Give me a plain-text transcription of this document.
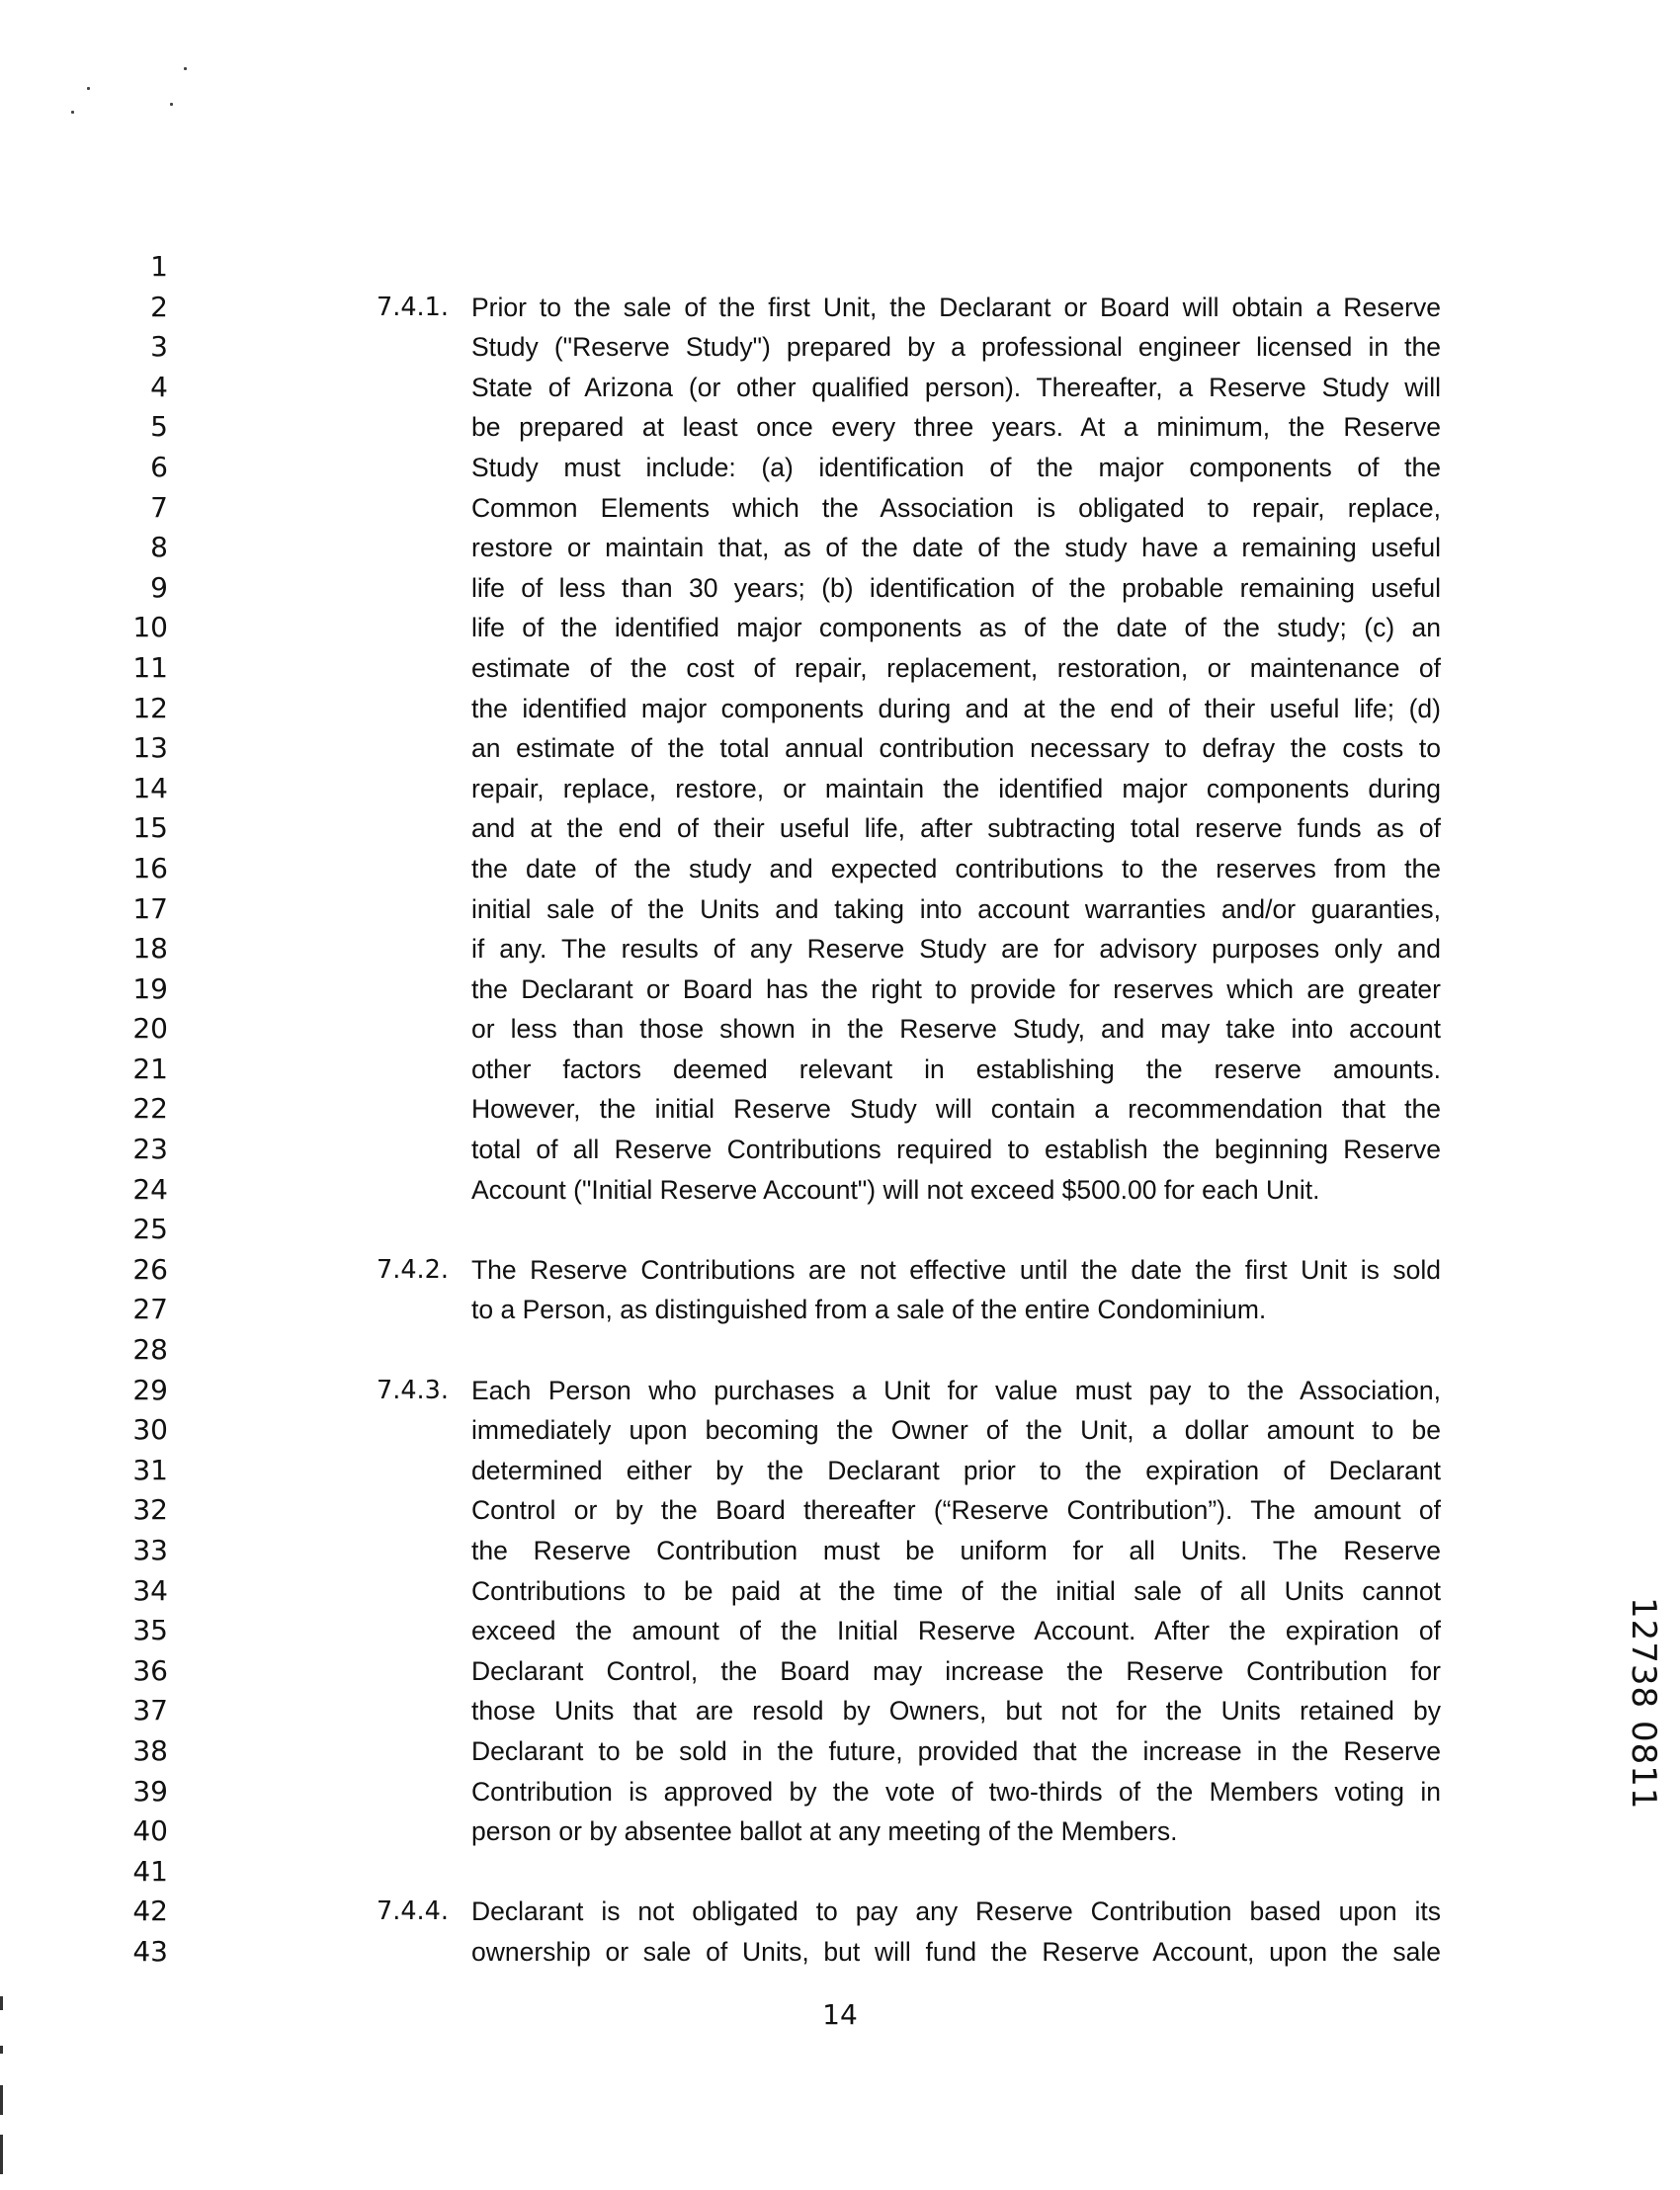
1
2
3
4
5
6
7
8
9
10
11
12
13
14
15
16
17
18
19
20
21
22
23
24
25
26
27
28
29
30
31
32
33
34
35
36
37
38
39
40
41
42
43
7.4.1. Prior to the sale of the first Unit, the Declarant or Board will obtain a Reserve
Study ("Reserve Study") prepared by a professional engineer licensed in the
State of Arizona (or other qualified person). Thereafter, a Reserve Study will
be prepared at least once every three years. At a minimum, the Reserve
Study must include: (a) identification of the major components of the
Common Elements which the Association is obligated to repair, replace,
restore or maintain that, as of the date of the study have a remaining useful
life of less than 30 years; (b) identification of the probable remaining useful
life of the identified major components as of the date of the study; (c) an
estimate of the cost of repair, replacement, restoration, or maintenance of
the identified major components during and at the end of their useful life; (d)
an estimate of the total annual contribution necessary to defray the costs to
repair, replace, restore, or maintain the identified major components during
and at the end of their useful life, after subtracting total reserve funds as of
the date of the study and expected contributions to the reserves from the
initial sale of the Units and taking into account warranties and/or guaranties,
if any. The results of any Reserve Study are for advisory purposes only and
the Declarant or Board has the right to provide for reserves which are greater
or less than those shown in the Reserve Study, and may take into account
other factors deemed relevant in establishing the reserve amounts.
However, the initial Reserve Study will contain a recommendation that the
total of all Reserve Contributions required to establish the beginning Reserve
Account ("Initial Reserve Account") will not exceed $500.00 for each Unit.
7.4.2. The Reserve Contributions are not effective until the date the first Unit is sold
to a Person, as distinguished from a sale of the entire Condominium.
7.4.3. Each Person who purchases a Unit for value must pay to the Association,
immediately upon becoming the Owner of the Unit, a dollar amount to be
determined either by the Declarant prior to the expiration of Declarant
Control or by the Board thereafter (“Reserve Contribution”). The amount of
the Reserve Contribution must be uniform for all Units. The Reserve
Contributions to be paid at the time of the initial sale of all Units cannot
exceed the amount of the Initial Reserve Account. After the expiration of
Declarant Control, the Board may increase the Reserve Contribution for
those Units that are resold by Owners, but not for the Units retained by
Declarant to be sold in the future, provided that the increase in the Reserve
Contribution is approved by the vote of two-thirds of the Members voting in
person or by absentee ballot at any meeting of the Members.
7.4.4. Declarant is not obligated to pay any Reserve Contribution based upon its
ownership or sale of Units, but will fund the Reserve Account, upon the sale
14
12738 0811
